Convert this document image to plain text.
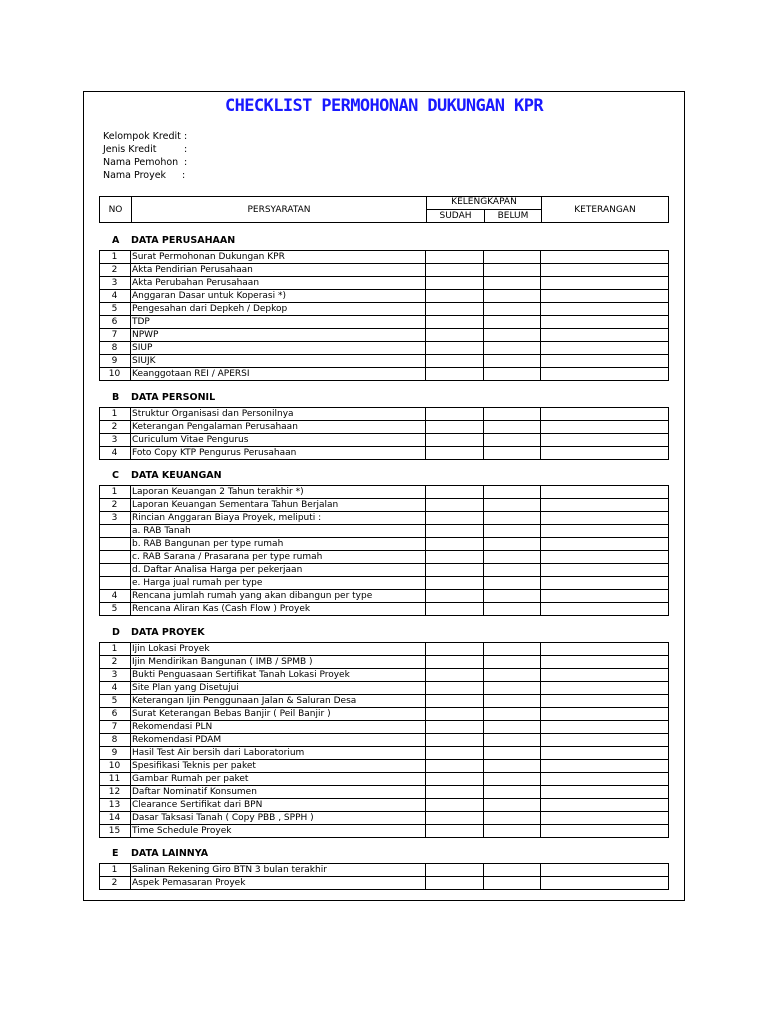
CHECKLIST PERMOHONAN DUKUNGAN KPR
Kelompok Kredit :
Jenis Kredit	:
Nama Pemohon :
Nama Proyek :
NO	PERSYARATAN
KELENGKAPAN
SUDAH	BELUM
KETERANGAN
A DATA PERUSAHAAN
1	Surat Permohonan Dukungan KPR
2	Akta Pendirian Perusahaan
3	Akta Perubahan Perusahaan
4	Anggaran Dasar untuk Koperasi *)
5	Pengesahan dari Depkeh / Depkop
6	TDP
7	NPWP
8	SIUP
9	SIUJK
10	Keanggotaan REI / APERSI
B DATA PERSONIL
1	Struktur Organisasi dan Personilnya
2	Keterangan Pengalaman Perusahaan
3	Curiculum Vitae Pengurus
4	Foto Copy KTP Pengurus Perusahaan
C DATA KEUANGAN
1	Laporan Keuangan 2 Tahun terakhir *)
2	Laporan Keuangan Sementara Tahun Berjalan
3	Rincian Anggaran Biaya Proyek, meliputi :
a. RAB Tanah
b. RAB Bangunan per type rumah
c. RAB Sarana / Prasarana per type rumah
d. Daftar Analisa Harga per pekerjaan
e. Harga jual rumah per type
4	Rencana jumlah rumah yang akan dibangun per type
5	Rencana Aliran Kas (Cash Flow ) Proyek
D DATA PROYEK
1	Ijin Lokasi Proyek
2	Ijin Mendirikan Bangunan ( IMB / SPMB )
3	Bukti Penguasaan Sertifikat Tanah Lokasi Proyek
4	Site Plan yang Disetujui
5	Keterangan Ijin Penggunaan Jalan & Saluran Desa
6	Surat Keterangan Bebas Banjir ( Peil Banjir )
7	Rekomendasi PLN
8	Rekomendasi PDAM
9	Hasil Test Air bersih dari Laboratorium
10	Spesifikasi Teknis per paket
11	Gambar Rumah per paket
12	Daftar Nominatif Konsumen
13	Clearance Sertifikat dari BPN
14	Dasar Taksasi Tanah ( Copy PBB , SPPH )
15	Time Schedule Proyek
E DATA LAINNYA
1	Salinan Rekening Giro BTN 3 bulan terakhir
2	Aspek Pemasaran Proyek
